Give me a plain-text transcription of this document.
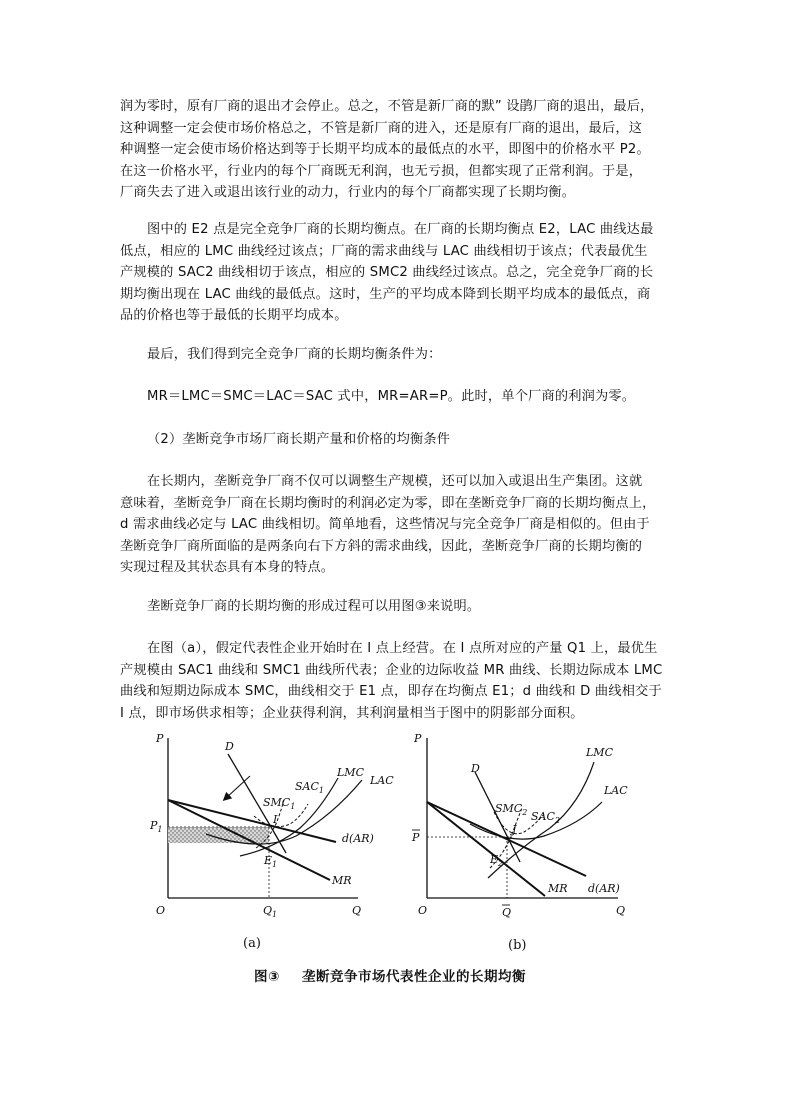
润为零时，原有厂商的退出才会停止。总之，不管是新厂商的默” 设鹃厂商的退出，最后，
这种调整一定会使市场价格总之，不管是新厂商的进入，还是原有厂商的退出，最后，这
种调整一定会使市场价格达到等于长期平均成本的最低点的水平，即图中的价格水平 P2。
在这一价格水平，行业内的每个厂商既无利润，也无亏损，但都实现了正常利润。于是，
厂商失去了进入或退出该行业的动力，行业内的每个厂商都实现了长期均衡。
图中的 E2 点是完全竞争厂商的长期均衡点。在厂商的长期均衡点 E2，LAC 曲线达最
低点，相应的 LMC 曲线经过该点；厂商的需求曲线与 LAC 曲线相切于该点；代表最优生
产规模的 SAC2 曲线相切于该点，相应的 SMC2 曲线经过该点。总之，完全竞争厂商的长
期均衡出现在 LAC 曲线的最低点。这时，生产的平均成本降到长期平均成本的最低点，商
品的价格也等于最低的长期平均成本。
最后，我们得到完全竞争厂商的长期均衡条件为：
MR＝LMC＝SMC＝LAC＝SAC 式中，MR=AR=P。此时，单个厂商的利润为零。
（2）垄断竞争市场厂商长期产量和价格的均衡条件
在长期内，垄断竞争厂商不仅可以调整生产规模，还可以加入或退出生产集团。这就
意味着，垄断竞争厂商在长期均衡时的利润必定为零，即在垄断竞争厂商的长期均衡点上，
d 需求曲线必定与 LAC 曲线相切。简单地看，这些情况与完全竞争厂商是相似的。但由于
垄断竞争厂商所面临的是两条向右下方斜的需求曲线，因此，垄断竞争厂商的长期均衡的
实现过程及其状态具有本身的特点。
垄断竞争厂商的长期均衡的形成过程可以用图③来说明。
在图（a），假定代表性企业开始时在 I 点上经营。在 I 点所对应的产量 Q1 上，最优生
产规模由 SAC1 曲线和 SMC1 曲线所代表；企业的边际收益 MR 曲线、长期边际成本 LMC
曲线和短期边际成本 SMC，曲线相交于 E1 点，即存在均衡点 E1；d 曲线和 D 曲线相交于
I 点，即市场供求相等；企业获得利润，其利润量相当于图中的阴影部分面积。
P
O	Q
$P_1$
$Q_1$
D
$SMC_1$
$SAC_1$
LMC
LAC
I
d(AR)
$E_1$
MR
P
O	Q
P
Q
D
$SMC_2$ $SAC_2$
LMC
LAC
J
$E_2$
MR d(AR)
(a)	(b)
图③ 垄断竞争市场代表性企业的长期均衡
